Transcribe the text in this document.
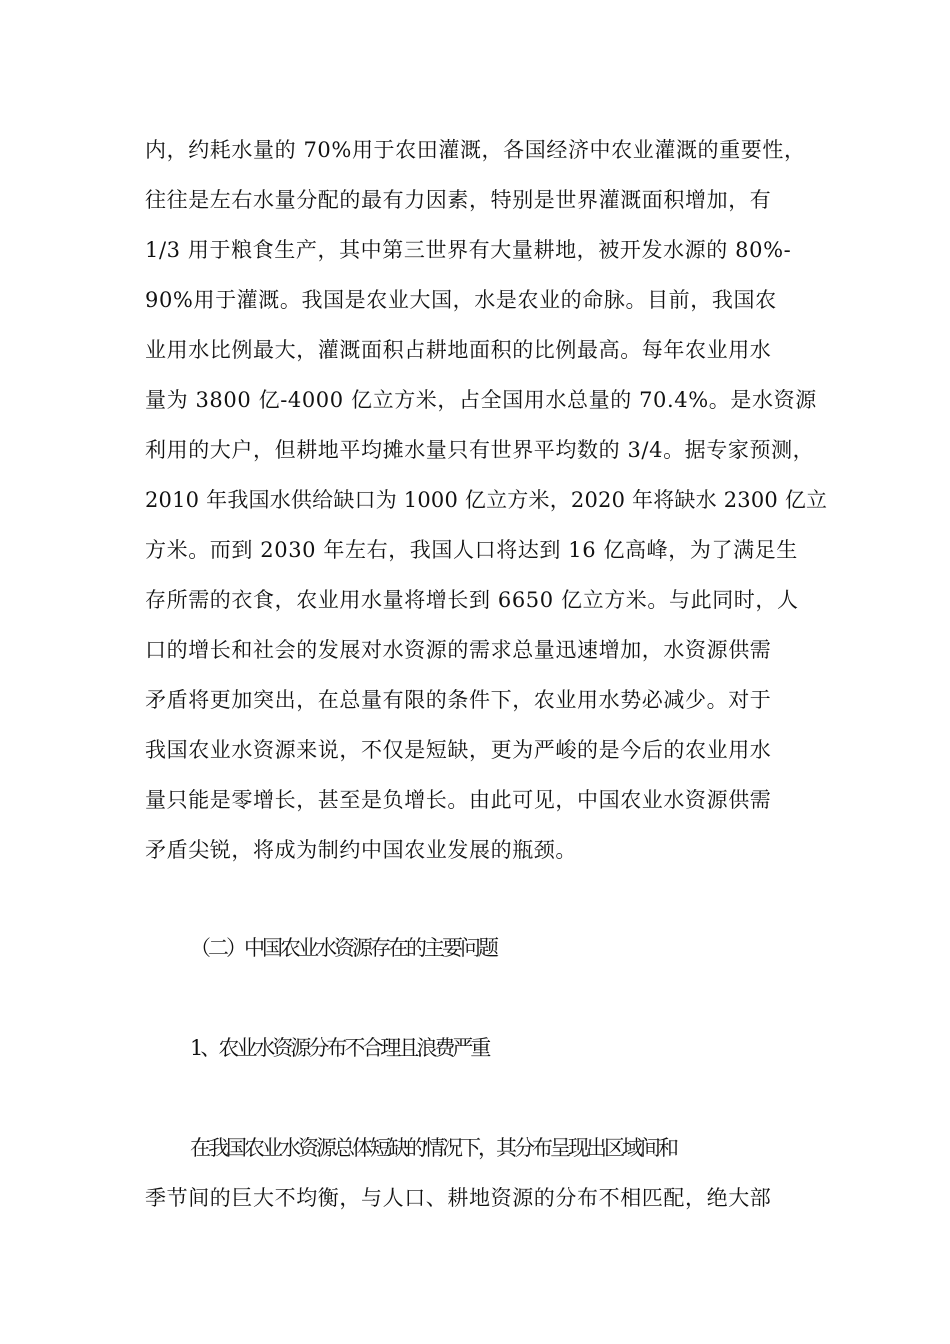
内，约耗水量的 70%用于农田灌溉，各国经济中农业灌溉的重要性，
往往是左右水量分配的最有力因素，特别是世界灌溉面积增加，有
1/3 用于粮食生产，其中第三世界有大量耕地，被开发水源的 80%-
90%用于灌溉。我国是农业大国，水是农业的命脉。目前，我国农
业用水比例最大，灌溉面积占耕地面积的比例最高。每年农业用水
量为 3800 亿-4000 亿立方米，占全国用水总量的 70.4%。是水资源
利用的大户，但耕地平均摊水量只有世界平均数的 3/4。据专家预测，
2010 年我国水供给缺口为 1000 亿立方米，2020 年将缺水 2300 亿立
方米。而到 2030 年左右，我国人口将达到 16 亿高峰，为了满足生
存所需的衣食，农业用水量将增长到 6650 亿立方米。与此同时，人
口的增长和社会的发展对水资源的需求总量迅速增加，水资源供需
矛盾将更加突出，在总量有限的条件下，农业用水势必减少。对于
我国农业水资源来说，不仅是短缺，更为严峻的是今后的农业用水
量只能是零增长，甚至是负增长。由此可见，中国农业水资源供需
矛盾尖锐，将成为制约中国农业发展的瓶颈。
（二）中国农业水资源存在的主要问题
1、农业水资源分布不合理且浪费严重
在我国农业水资源总体短缺的情况下，其分布呈现出区域间和
季节间的巨大不均衡，与人口、耕地资源的分布不相匹配，绝大部
